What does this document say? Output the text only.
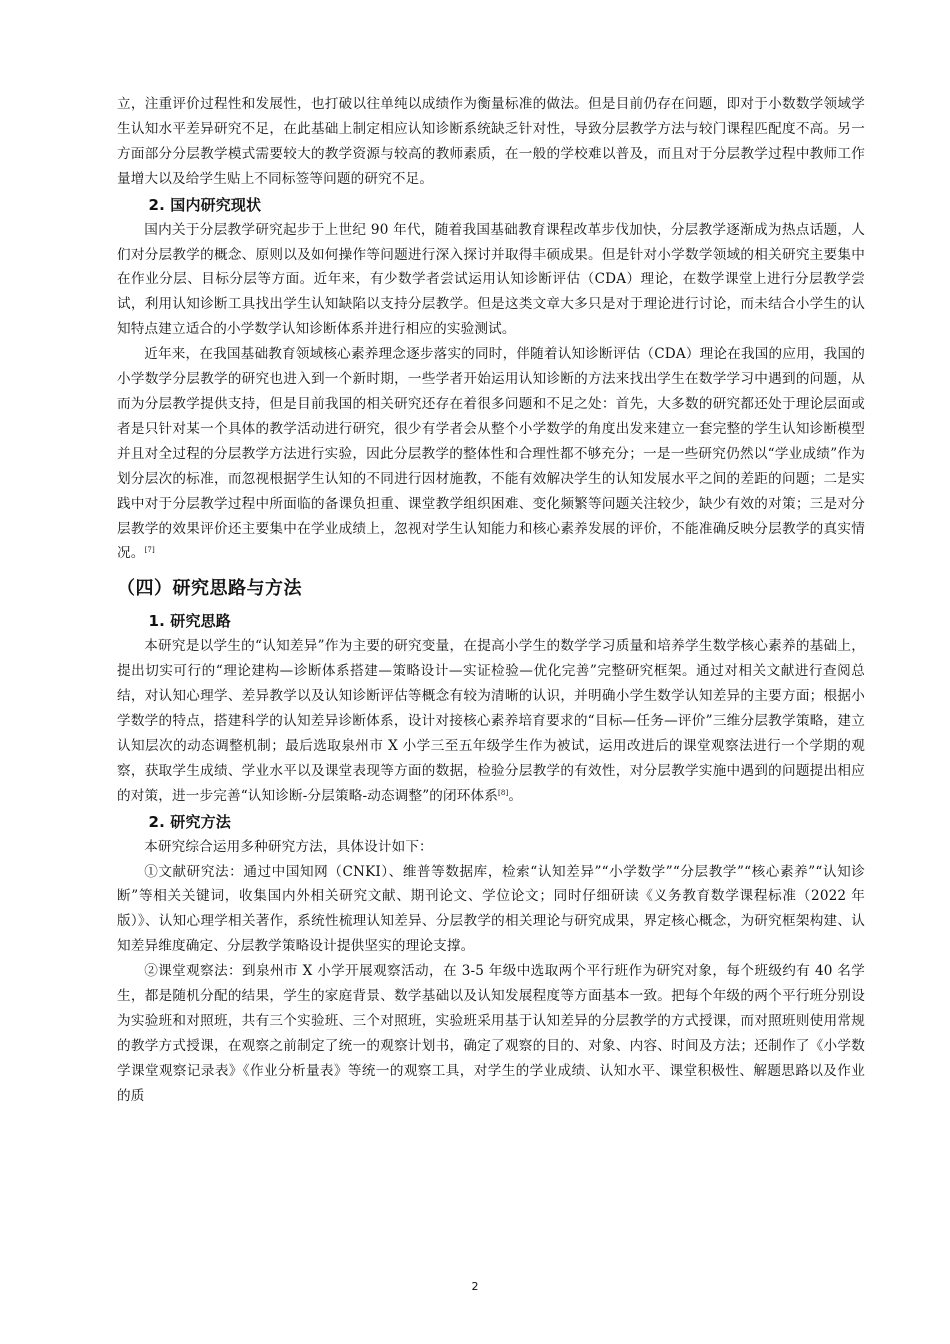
立，注重评价过程性和发展性，也打破以往单纯以成绩作为衡量标准的做法。但是目前仍存在问题，即对于小数数学领域学生认知水平差异研究不足，在此基础上制定相应认知诊断系统缺乏针对性，导致分层教学方法与较门课程匹配度不高。另一方面部分分层教学模式需要较大的教学资源与较高的教师素质，在一般的学校难以普及，而且对于分层教学过程中教师工作量增大以及给学生贴上不同标签等问题的研究不足。

2. 国内研究现状

国内关于分层教学研究起步于上世纪 90 年代，随着我国基础教育课程改革步伐加快，分层教学逐渐成为热点话题，人们对分层教学的概念、原则以及如何操作等问题进行深入探讨并取得丰硕成果。但是针对小学数学领域的相关研究主要集中在作业分层、目标分层等方面。近年来，有少数学者尝试运用认知诊断评估（CDA）理论，在数学课堂上进行分层教学尝试，利用认知诊断工具找出学生认知缺陷以支持分层教学。但是这类文章大多只是对于理论进行讨论，而未结合小学生的认知特点建立适合的小学数学认知诊断体系并进行相应的实验测试。

近年来，在我国基础教育领域核心素养理念逐步落实的同时，伴随着认知诊断评估（CDA）理论在我国的应用，我国的小学数学分层教学的研究也进入到一个新时期，一些学者开始运用认知诊断的方法来找出学生在数学学习中遇到的问题，从而为分层教学提供支持，但是目前我国的相关研究还存在着很多问题和不足之处：首先，大多数的研究都还处于理论层面或者是只针对某一个具体的教学活动进行研究，很少有学者会从整个小学数学的角度出发来建立一套完整的学生认知诊断模型并且对全过程的分层教学方法进行实验，因此分层教学的整体性和合理性都不够充分；一是一些研究仍然以“学业成绩”作为划分层次的标准，而忽视根据学生认知的不同进行因材施教，不能有效解决学生的认知发展水平之间的差距的问题；二是实践中对于分层教学过程中所面临的备课负担重、课堂教学组织困难、变化频繁等问题关注较少，缺少有效的对策；三是对分层教学的效果评价还主要集中在学业成绩上，忽视对学生认知能力和核心素养发展的评价，不能准确反映分层教学的真实情况。[7]

（四）研究思路与方法
1. 研究思路

本研究是以学生的“认知差异”作为主要的研究变量，在提高小学生的数学学习质量和培养学生数学核心素养的基础上，提出切实可行的“理论建构—诊断体系搭建—策略设计—实证检验—优化完善”完整研究框架。通过对相关文献进行查阅总结，对认知心理学、差异教学以及认知诊断评估等概念有较为清晰的认识，并明确小学生数学认知差异的主要方面；根据小学数学的特点，搭建科学的认知差异诊断体系，设计对接核心素养培育要求的“目标—任务—评价”三维分层教学策略，建立认知层次的动态调整机制；最后选取泉州市 X 小学三至五年级学生作为被试，运用改进后的课堂观察法进行一个学期的观察，获取学生成绩、学业水平以及课堂表现等方面的数据，检验分层教学的有效性，对分层教学实施中遇到的问题提出相应的对策，进一步完善“认知诊断-分层策略-动态调整”的闭环体系[8]。

2. 研究方法

本研究综合运用多种研究方法，具体设计如下：

①文献研究法：通过中国知网（CNKI）、维普等数据库，检索“认知差异”“小学数学”“分层教学”“核心素养”“认知诊断”等相关关键词，收集国内外相关研究文献、期刊论文、学位论文；同时仔细研读《义务教育数学课程标准（2022 年版）》、认知心理学相关著作，系统性梳理认知差异、分层教学的相关理论与研究成果，界定核心概念，为研究框架构建、认知差异维度确定、分层教学策略设计提供坚实的理论支撑。

②课堂观察法：到泉州市 X 小学开展观察活动，在 3-5 年级中选取两个平行班作为研究对象，每个班级约有 40 名学生，都是随机分配的结果，学生的家庭背景、数学基础以及认知发展程度等方面基本一致。把每个年级的两个平行班分别设为实验班和对照班，共有三个实验班、三个对照班，实验班采用基于认知差异的分层教学的方式授课，而对照班则使用常规的教学方式授课，在观察之前制定了统一的观察计划书，确定了观察的目的、对象、内容、时间及方法；还制作了《小学数学课堂观察记录表》《作业分析量表》等统一的观察工具，对学生的学业成绩、认知水平、课堂积极性、解题思路以及作业的质

2
